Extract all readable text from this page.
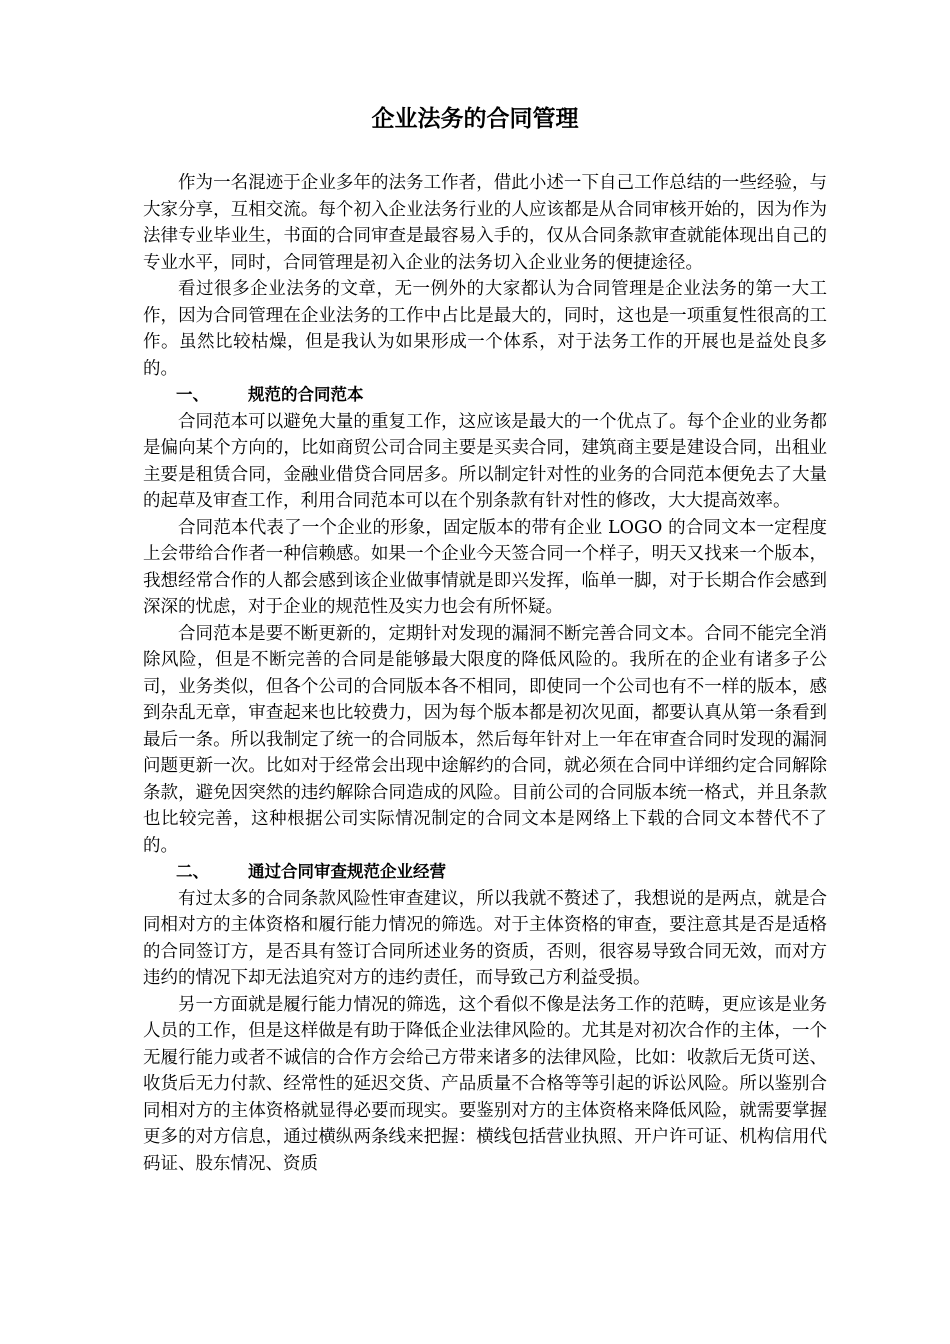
企业法务的合同管理

作为一名混迹于企业多年的法务工作者，借此小述一下自己工作总结的一些经验，与大家分享，互相交流。每个初入企业法务行业的人应该都是从合同审核开始的，因为作为法律专业毕业生，书面的合同审查是最容易入手的，仅从合同条款审查就能体现出自己的专业水平，同时，合同管理是初入企业的法务切入企业业务的便捷途径。

看过很多企业法务的文章，无一例外的大家都认为合同管理是企业法务的第一大工作，因为合同管理在企业法务的工作中占比是最大的，同时，这也是一项重复性很高的工作。虽然比较枯燥，但是我认为如果形成一个体系，对于法务工作的开展也是益处良多的。

一、 规范的合同范本

合同范本可以避免大量的重复工作，这应该是最大的一个优点了。每个企业的业务都是偏向某个方向的，比如商贸公司合同主要是买卖合同，建筑商主要是建设合同，出租业主要是租赁合同，金融业借贷合同居多。所以制定针对性的业务的合同范本便免去了大量的起草及审查工作，利用合同范本可以在个别条款有针对性的修改，大大提高效率。

合同范本代表了一个企业的形象，固定版本的带有企业 LOGO 的合同文本一定程度上会带给合作者一种信赖感。如果一个企业今天签合同一个样子，明天又找来一个版本，我想经常合作的人都会感到该企业做事情就是即兴发挥，临单一脚，对于长期合作会感到深深的忧虑，对于企业的规范性及实力也会有所怀疑。

合同范本是要不断更新的，定期针对发现的漏洞不断完善合同文本。合同不能完全消除风险，但是不断完善的合同是能够最大限度的降低风险的。我所在的企业有诸多子公司，业务类似，但各个公司的合同版本各不相同，即使同一个公司也有不一样的版本，感到杂乱无章，审查起来也比较费力，因为每个版本都是初次见面，都要认真从第一条看到最后一条。所以我制定了统一的合同版本，然后每年针对上一年在审查合同时发现的漏洞问题更新一次。比如对于经常会出现中途解约的合同，就必须在合同中详细约定合同解除条款，避免因突然的违约解除合同造成的风险。目前公司的合同版本统一格式，并且条款也比较完善，这种根据公司实际情况制定的合同文本是网络上下载的合同文本替代不了的。

二、 通过合同审查规范企业经营

有过太多的合同条款风险性审查建议，所以我就不赘述了，我想说的是两点，就是合同相对方的主体资格和履行能力情况的筛选。对于主体资格的审查，要注意其是否是适格的合同签订方，是否具有签订合同所述业务的资质，否则，很容易导致合同无效，而对方违约的情况下却无法追究对方的违约责任，而导致己方利益受损。

另一方面就是履行能力情况的筛选，这个看似不像是法务工作的范畴，更应该是业务人员的工作，但是这样做是有助于降低企业法律风险的。尤其是对初次合作的主体，一个无履行能力或者不诚信的合作方会给己方带来诸多的法律风险，比如：收款后无货可送、收货后无力付款、经常性的延迟交货、产品质量不合格等等引起的诉讼风险。所以鉴别合同相对方的主体资格就显得必要而现实。要鉴别对方的主体资格来降低风险，就需要掌握更多的对方信息，通过横纵两条线来把握：横线包括营业执照、开户许可证、机构信用代码证、股东情况、资质
